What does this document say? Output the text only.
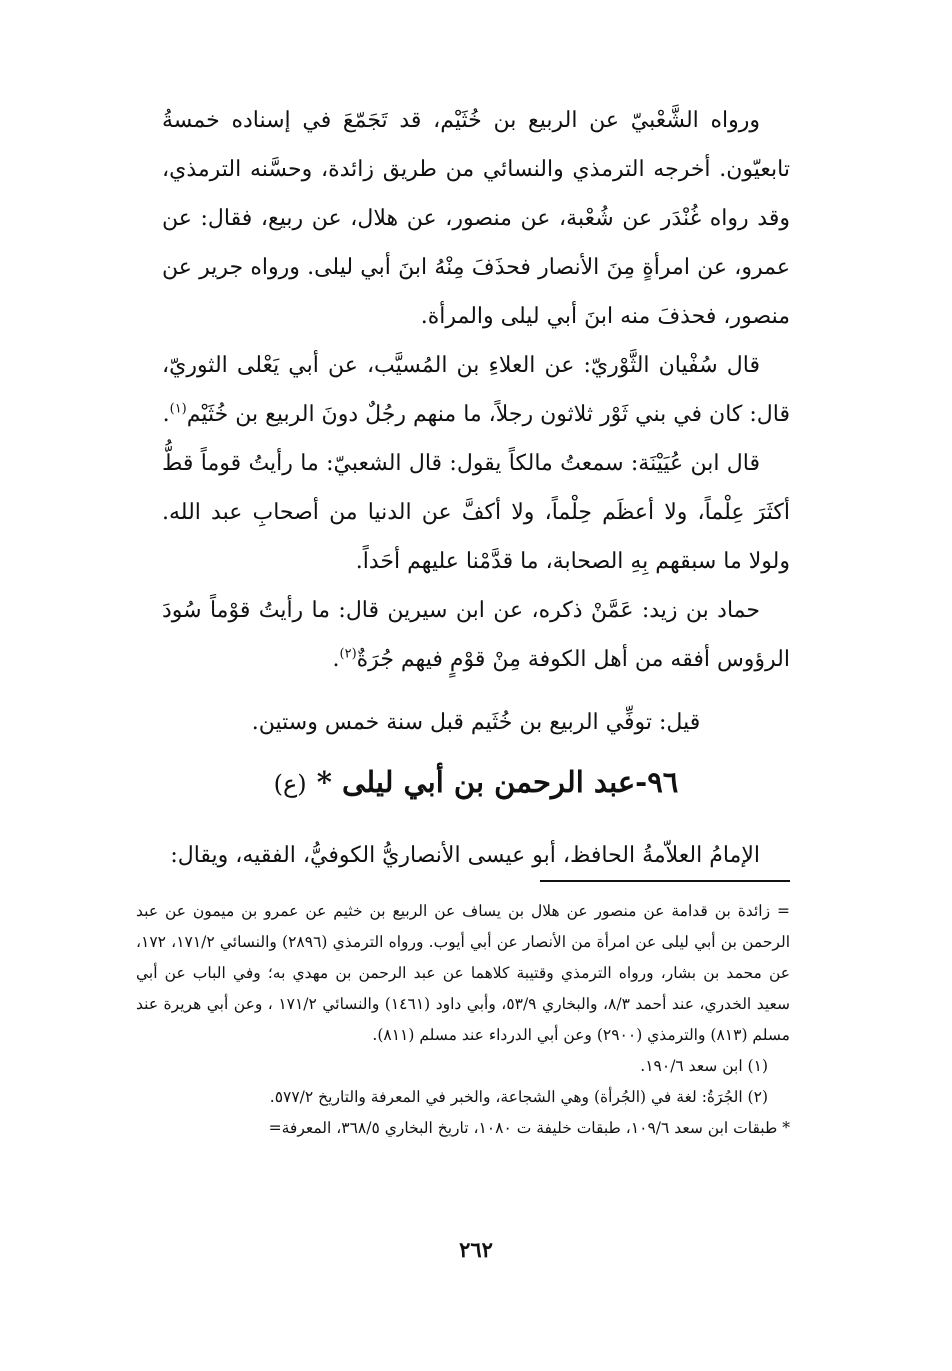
ورواه الشَّعْبيّ عن الربيع بن خُثَيْم، قد تَجَمّعَ في إسناده خمسةُ تابعيّون. أخرجه الترمذي والنسائي من طريق زائدة، وحسَّنه الترمذي، وقد رواه غُنْدَر عن شُعْبة، عن منصور، عن هلال، عن ربيع، فقال: عن عمرو، عن امرأةٍ مِنَ الأنصار فحذَفَ مِنْهُ ابنَ أبي ليلى. ورواه جرير عن منصور، فحذفَ منه ابنَ أبي ليلى والمرأة.

قال سُفْيان الثَّوْريّ: عن العلاءِ بن المُسيَّب، عن أبي يَعْلى الثوريّ، قال: كان في بني ثَوْر ثلاثون رجلاً، ما منهم رجُلٌ دونَ الربيع بن خُثَيْم$^{(١)}$.

قال ابن عُيَيْنَة: سمعتُ مالكاً يقول: قال الشعبيّ: ما رأيتُ قوماً قطُّ أكثَرَ عِلْماً، ولا أعظَم حِلْماً، ولا أكفَّ عن الدنيا من أصحابِ عبد الله. ولولا ما سبقهم بِهِ الصحابة، ما قدَّمْنا عليهم أحَداً.

حماد بن زيد: عَمَّنْ ذكره، عن ابن سيرين قال: ما رأيتُ قوْماً سُودَ الرؤوس أفقه من أهل الكوفة مِنْ قوْمٍ فيهم جُرَةٌ$^{(٢)}$.

قيل: توفِّي الربيع بن خُثَيم قبل سنة خمس وستين.

٩٦-عبد الرحمن بن أبي ليلى * (ع)

الإمامُ العلاّمةُ الحافظ، أبو عيسى الأنصاريُّ الكوفيُّ، الفقيه، ويقال:

= زائدة بن قدامة عن منصور عن هلال بن يساف عن الربيع بن خثيم عن عمرو بن ميمون عن عبد الرحمن بن أبي ليلى عن امرأة من الأنصار عن أبي أيوب. ورواه الترمذي (٢٨٩٦) والنسائي ١٧١/٢، ١٧٢، عن محمد بن بشار، ورواه الترمذي وقتيبة كلاهما عن عبد الرحمن بن مهدي به؛ وفي الباب عن أبي سعيد الخدري، عند أحمد ٨/٣، والبخاري ٥٣/٩، وأبي داود (١٤٦١) والنسائي ١٧١/٢ ، وعن أبي هريرة عند مسلم (٨١٣) والترمذي (٢٩٠٠) وعن أبي الدرداء عند مسلم (٨١١).

(١) ابن سعد ١٩٠/٦.

(٢) الجُرَةُ: لغة في (الجُرأة) وهي الشجاعة، والخبر في المعرفة والتاريخ ٥٧٧/٢.

* طبقات ابن سعد ١٠٩/٦، طبقات خليفة ت ١٠٨٠، تاريخ البخاري ٣٦٨/٥، المعرفة=

٢٦٢
